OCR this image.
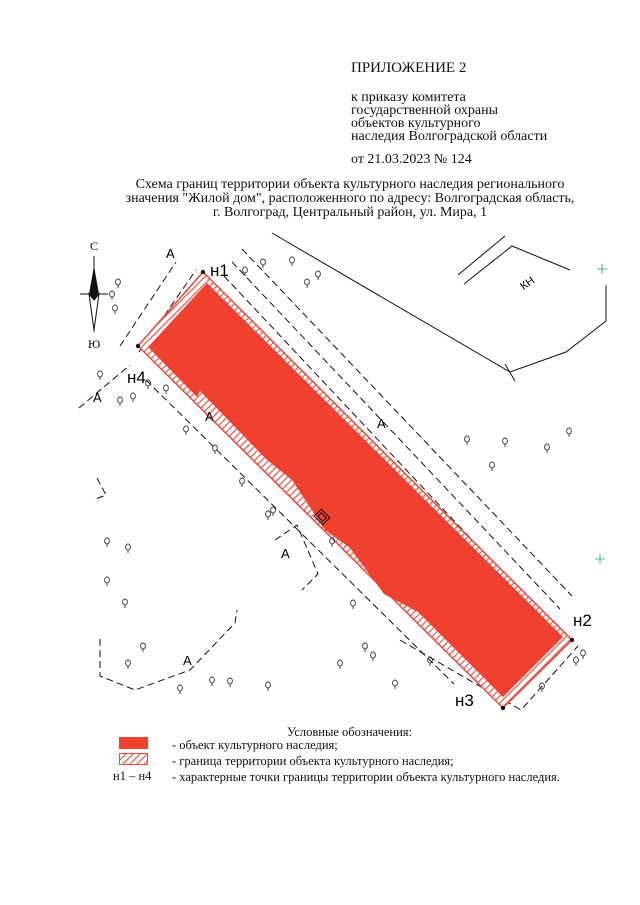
ПРИЛОЖЕНИЕ 2
к приказу комитета
государственной охраны
объектов культурного
наследия Волгоградской области
от 21.03.2023 № 124
Схема границ территории объекта культурного наследия регионального
значения "Жилой дом", расположенного по адресу: Волгоградская область,
г. Волгоград, Центральный район, ул. Мира, 1
н1
н2
н3
н4
А
А
А	А
А
А
КН
С
Ю
Условные обозначения:
- объект культурного наследия;
- граница территории объекта культурного наследия;
н1 – н4 - характерные точки границы территории объекта культурного наследия.
